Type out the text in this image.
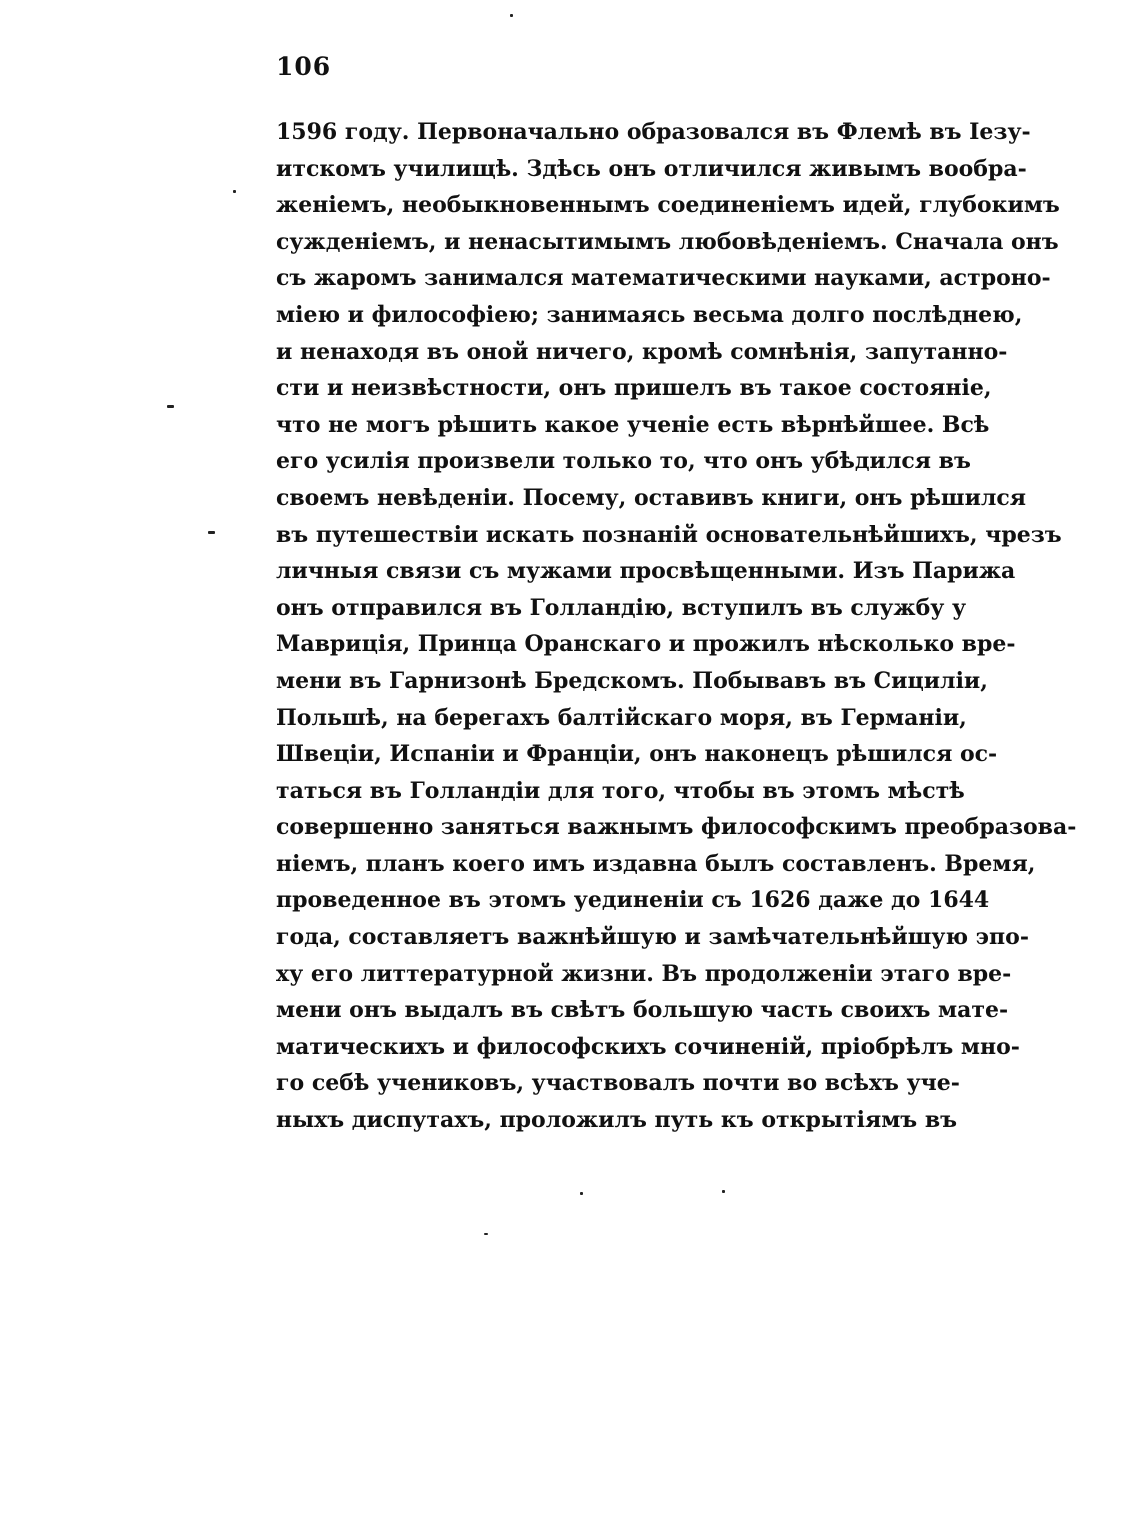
106
1596 году. Первоначально образовался въ Флемѣ въ Iезу-
итскомъ училищѣ. Здѣсь онъ отличился живымъ вообра-
женiемъ, необыкновеннымъ соединенiемъ идей, глубокимъ
сужденiемъ, и ненасытимымъ любовѣденiемъ. Сначала онъ
съ жаромъ занимался математическими науками, астроно-
мiею и философiею; занимаясь весьма долго послѣднею,
и ненаходя въ оной ничего, кромѣ сомнѣнiя, запутанно-
сти и неизвѣстности, онъ пришелъ въ такое состоянiе,
что не могъ рѣшить какое ученiе есть вѣрнѣйшее. Всѣ
его усилiя произвели только то, что онъ убѣдился въ
своемъ невѣденiи. Посему, оставивъ книги, онъ рѣшился
въ путешествiи искать познанiй основательнѣйшихъ, чрезъ
личныя связи съ мужами просвѣщенными. Изъ Парижа
онъ отправился въ Голландiю, вступилъ въ службу у
Маврицiя, Принца Оранскаго и прожилъ нѣсколько вре-
мени въ Гарнизонѣ Бредскомъ. Побывавъ въ Сицилiи,
Польшѣ, на берегахъ балтiйскаго моря, въ Германiи,
Швецiи, Испанiи и Францiи, онъ наконецъ рѣшился ос-
таться въ Голландiи для того, чтобы въ этомъ мѣстѣ
совершенно заняться важнымъ философскимъ преобразова-
нiемъ, планъ коего имъ издавна былъ составленъ. Время,
проведенное въ этомъ уединенiи съ 1626 даже до 1644
года, составляетъ важнѣйшую и замѣчательнѣйшую эпо-
ху его литтературной жизни. Въ продолженiи этаго вре-
мени онъ выдалъ въ свѣтъ большую часть своихъ мате-
матическихъ и философскихъ сочиненiй, прiобрѣлъ мно-
го себѣ учениковъ, участвовалъ почти во всѣхъ уче-
ныхъ диспутахъ, проложилъ путь къ открытiямъ въ
